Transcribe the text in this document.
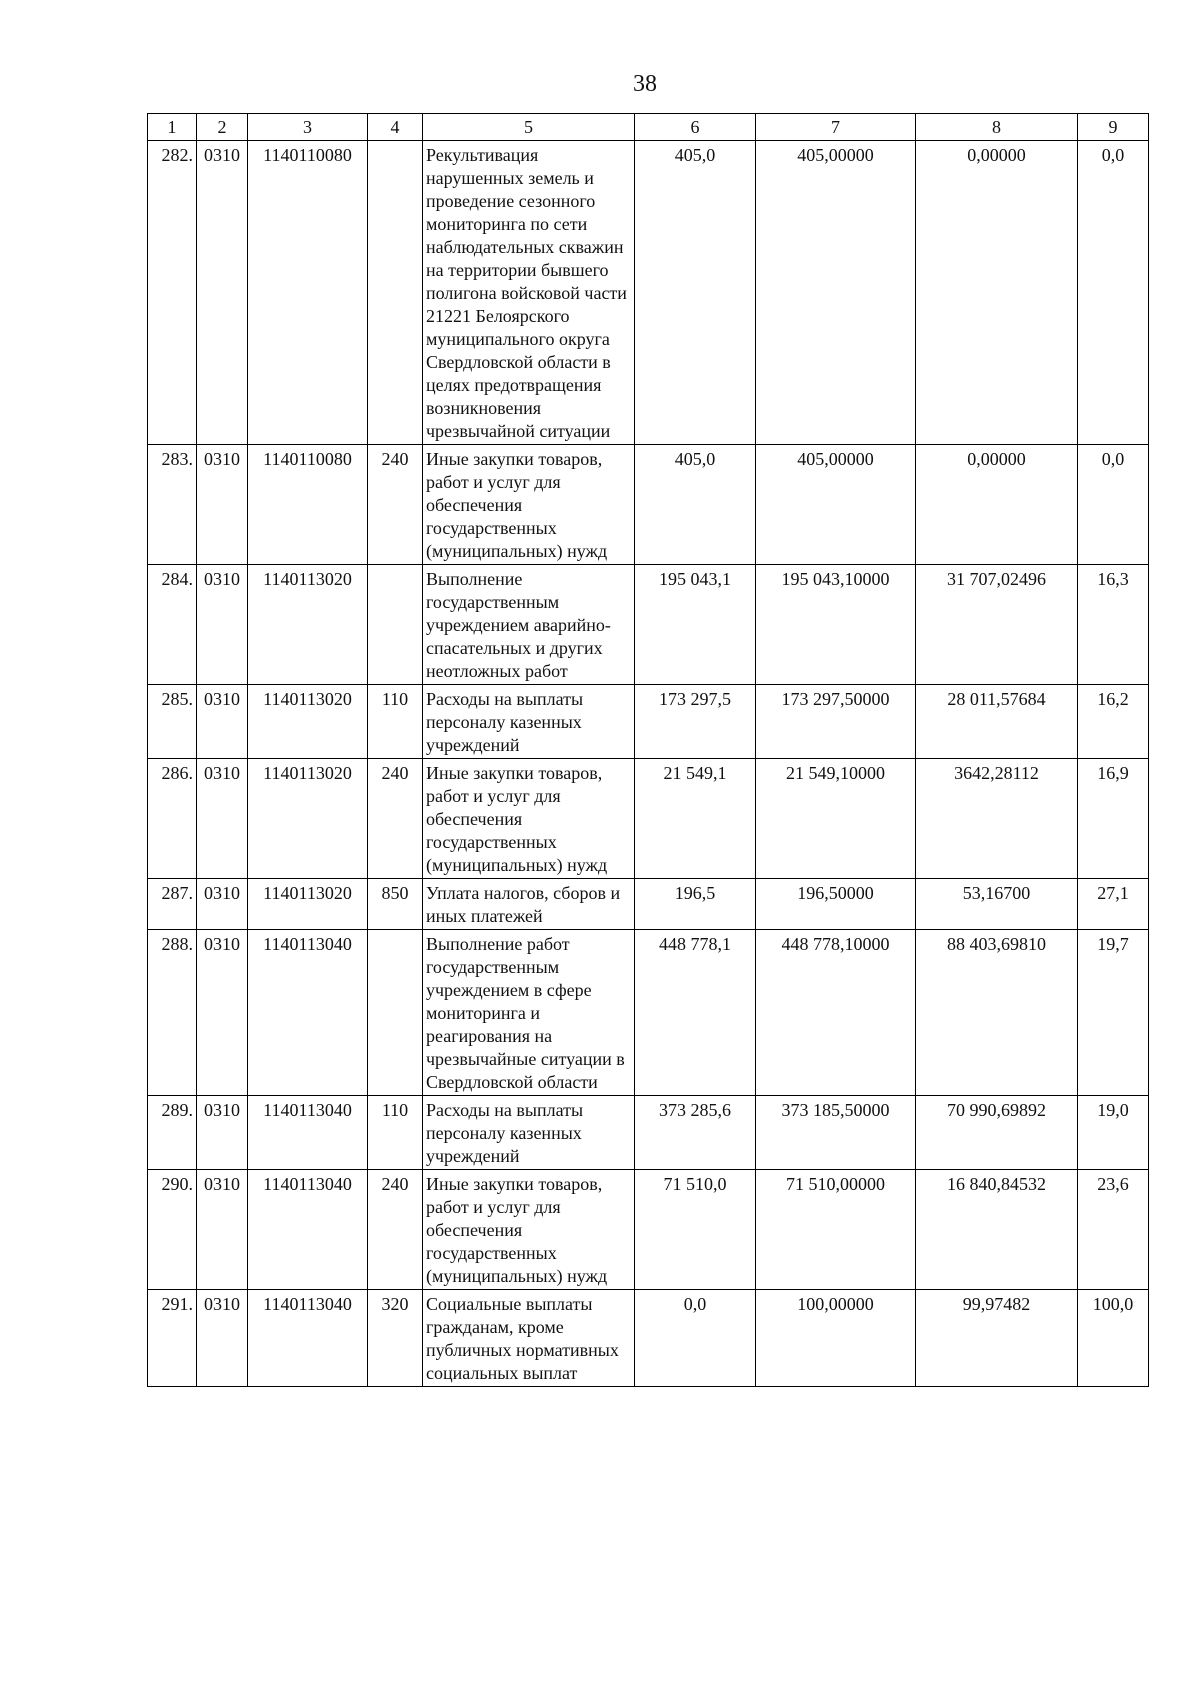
38
1	2	3	4	5	6	7	8	9
282.	0310	1140110080		Рекультивация нарушенных земель и проведение сезонного мониторинга по сети наблюдательных скважин на территории бывшего полигона войсковой части 21221 Белоярского муниципального округа Свердловской области в целях предотвращения возникновения чрезвычайной ситуации	405,0	405,00000	0,00000	0,0
283.	0310	1140110080	240	Иные закупки товаров, работ и услуг для обеспечения государственных (муниципальных) нужд	405,0	405,00000	0,00000	0,0
284.	0310	1140113020		Выполнение государственным учреждением аварийно-спасательных и других неотложных работ	195 043,1	195 043,10000	31 707,02496	16,3
285.	0310	1140113020	110	Расходы на выплаты персоналу казенных учреждений	173 297,5	173 297,50000	28 011,57684	16,2
286.	0310	1140113020	240	Иные закупки товаров, работ и услуг для обеспечения государственных (муниципальных) нужд	21 549,1	21 549,10000	3642,28112	16,9
287.	0310	1140113020	850	Уплата налогов, сборов и иных платежей	196,5	196,50000	53,16700	27,1
288.	0310	1140113040		Выполнение работ государственным учреждением в сфере мониторинга и реагирования на чрезвычайные ситуации в Свердловской области	448 778,1	448 778,10000	88 403,69810	19,7
289.	0310	1140113040	110	Расходы на выплаты персоналу казенных учреждений	373 285,6	373 185,50000	70 990,69892	19,0
290.	0310	1140113040	240	Иные закупки товаров, работ и услуг для обеспечения государственных (муниципальных) нужд	71 510,0	71 510,00000	16 840,84532	23,6
291.	0310	1140113040	320	Социальные выплаты гражданам, кроме публичных нормативных социальных выплат	0,0	100,00000	99,97482	100,0
